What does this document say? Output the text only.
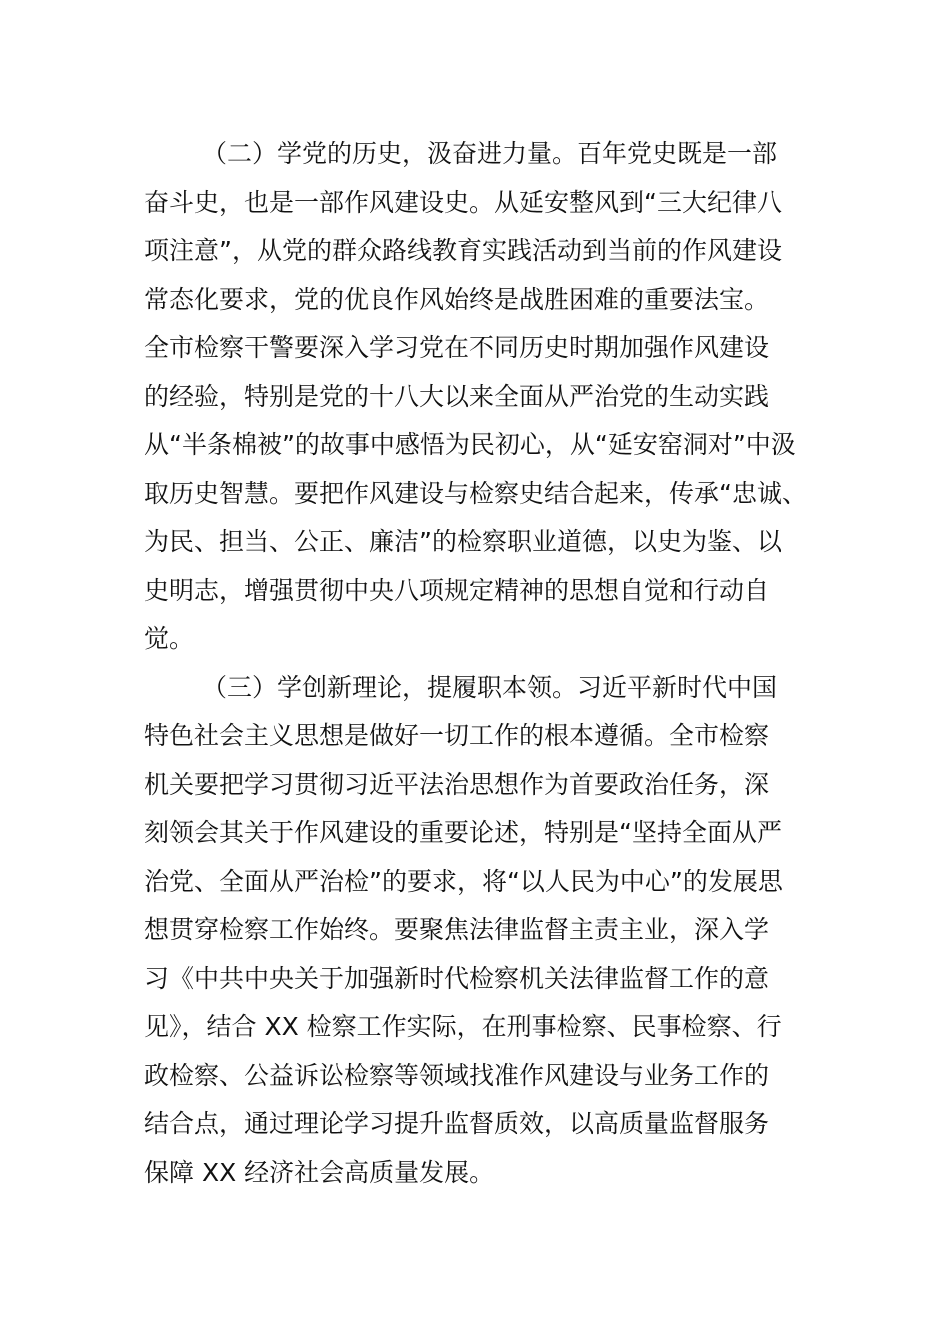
（二）学党的历史，汲奋进力量。百年党史既是一部
奋斗史，也是一部作风建设史。从延安整风到“三大纪律八
项注意”，从党的群众路线教育实践活动到当前的作风建设
常态化要求，党的优良作风始终是战胜困难的重要法宝。
全市检察干警要深入学习党在不同历史时期加强作风建设
的经验，特别是党的十八大以来全面从严治党的生动实践
从“半条棉被”的故事中感悟为民初心，从“延安窑洞对”中汲
取历史智慧。要把作风建设与检察史结合起来，传承“忠诚、
为民、担当、公正、廉洁”的检察职业道德，以史为鉴、以
史明志，增强贯彻中央八项规定精神的思想自觉和行动自
觉。
（三）学创新理论，提履职本领。习近平新时代中国
特色社会主义思想是做好一切工作的根本遵循。全市检察
机关要把学习贯彻习近平法治思想作为首要政治任务，深
刻领会其关于作风建设的重要论述，特别是“坚持全面从严
治党、全面从严治检”的要求，将“以人民为中心”的发展思
想贯穿检察工作始终。要聚焦法律监督主责主业，深入学
习《中共中央关于加强新时代检察机关法律监督工作的意
见》，结合 XX 检察工作实际，在刑事检察、民事检察、行
政检察、公益诉讼检察等领域找准作风建设与业务工作的
结合点，通过理论学习提升监督质效，以高质量监督服务
保障 XX 经济社会高质量发展。
